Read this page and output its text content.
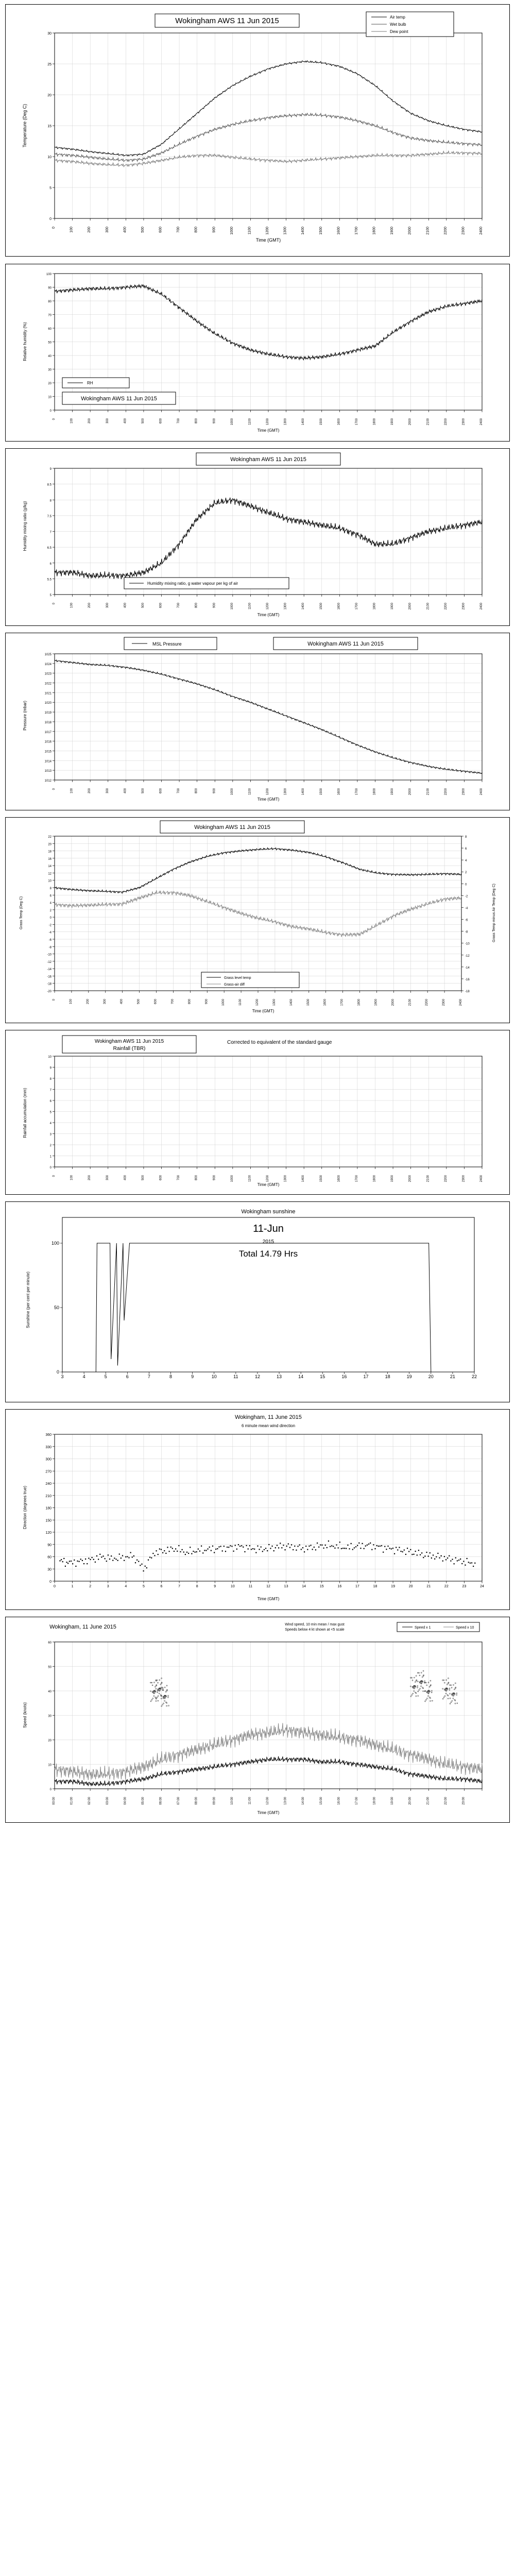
0	100	200	300	400	500	600	700	800	900	1000	1100	1200	1300	1400	1500	1600	1700	1800	1900	2000	2100	2200	2300	2400
0
5
10
15
20
25
30
Wokingham AWS 11 Jun 2015	Air temp
Wet bulb
Dew point
Temperature (Deg C)
Time (GMT)
0	100	200	300	400	500	600	700	800	900	1000	1100	1200	1300	1400	1500	1600	1700	1800	1900	2000	2100	2200	2300	2400
0
10
20
30
40
50
60
70
80
90
100
RH
Wokingham AWS 11 Jun 2015
Relative humidity (%)
Time (GMT)
0	100	200	300	400	500	600	700	800	900	1000	1100	1200	1300	1400	1500	1600	1700	1800	1900	2000	2100	2200	2300	2400
5
5.5
6
6.5
7
7.5
8
8.5
9
Wokingham AWS 11 Jun 2015
Humidity mixing ratio, g water vapour per kg of air
Humidity mixing ratio (g/kg)
Time (GMT)
0	100	200	300	400	500	600	700	800	900	1000	1100	1200	1300	1400	1500	1600	1700	1800	1900	2000	2100	2200	2300	2400
1012
1013
1014
1015
1016
1017
1018
1019
1020
1021
1022
1023
1024
1025
MSL Pressure	Wokingham AWS 11 Jun 2015
Pressure (mbar)
Time (GMT)
0	100	200	300	400	500	600	700	800	900	1000	1100	1200	1300	1400	1500	1600	1700	1800	1900	2000	2100	2200	2300	2400
-20
-18
-16
-14
-12
-10
-8
-6
-4
-2
0
2
4
6
8
10
12
14
16
18
20
22
-18
-16
-14
-12
-10
-8
-6
-4
-2
0
2
4
6
8
Wokingham AWS 11 Jun 2015
Grass level temp
Grass-air diff
Grass Temp (Deg C)	Grass Temp minus Air Temp (Deg C)
Time (GMT)
0	100	200	300	400	500	600	700	800	900	1000	1100	1200	1300	1400	1500	1600	1700	1800	1900	2000	2100	2200	2300	2400
0
1
2
3
4
5
6
7
8
9
10
Wokingham AWS 11 Jun 2015
Rainfall (TBR)
Corrected to equivalent of the standard gauge
Rainfall accumulation (mm)
Time (GMT)
3	4	5	6	7	8	9	10	11	12	13	14	15	16	17	18	19	20	21	22
0
50
100
Wokingham sunshine
11-Jun
2015
Total 14.79 Hrs
Sunshine (per cent per minute)
0	1	2	3	4	5	6	7	8	9	10	11	12	13	14	15	16	17	18	19	20	21	22	23	24
0
30
60
90
120
150
180
210
240
270
300
330
360
Wokingham, 11 June 2015
6 minute mean wind direction
Direction (degrees true)
Time (GMT)
00:00	01:00	02:00	03:00	04:00	05:00	06:00	07:00	08:00	09:00	10:00	11:00	12:00	13:00	14:00	15:00	16:00	17:00	18:00	19:00	20:00	21:00	22:00	23:00
0
10
20
30
40
50
60
Wokingham, 11 June 2015	Wind speed, 10 min mean / max gust
Speeds below 4 kt shown at <5 scale
Speed x 1	Speed x 10
Speed (knots)
Time (GMT)
